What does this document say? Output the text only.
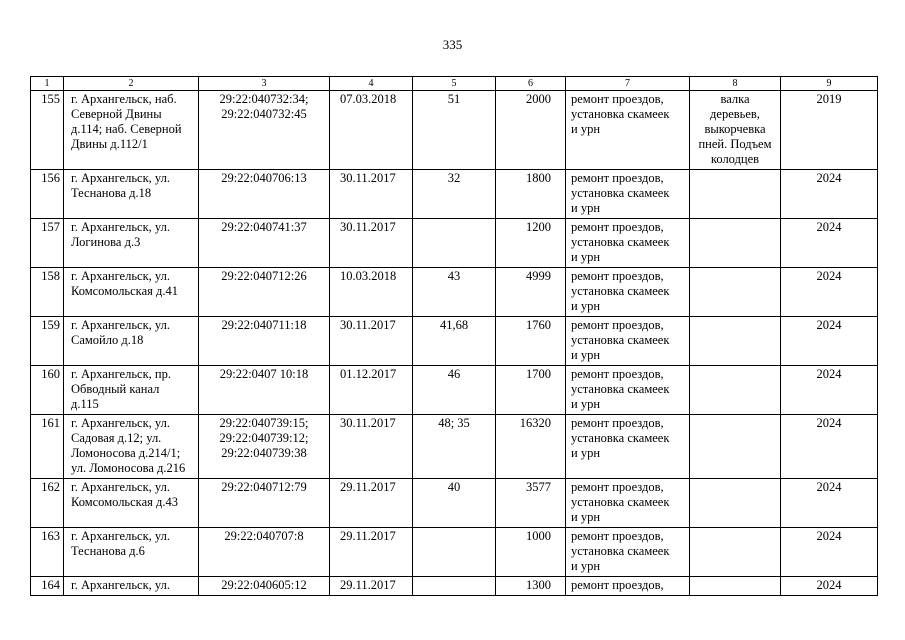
335
1	2	3	4	5	6	7	8	9
155	г. Архангельск, наб.
Северной Двины
д.114; наб. Северной
Двины д.112/1	29:22:040732:34;
29:22:040732:45	07.03.2018	51	2000	ремонт проездов,
установка скамеек
и урн	валка
деревьев,
выкорчевка
пней. Подъем
колодцев	2019
156	г. Архангельск, ул.
Теснанова д.18	29:22:040706:13	30.11.2017	32	1800	ремонт проездов,
установка скамеек
и урн		2024
157	г. Архангельск, ул.
Логинова д.3	29:22:040741:37	30.11.2017		1200	ремонт проездов,
установка скамеек
и урн		2024
158	г. Архангельск, ул.
Комсомольская д.41	29:22:040712:26	10.03.2018	43	4999	ремонт проездов,
установка скамеек
и урн		2024
159	г. Архангельск, ул.
Самойло д.18	29:22:040711:18	30.11.2017	41,68	1760	ремонт проездов,
установка скамеек
и урн		2024
160	г. Архангельск, пр.
Обводный канал
д.115	29:22:0407 10:18	01.12.2017	46	1700	ремонт проездов,
установка скамеек
и урн		2024
161	г. Архангельск, ул.
Садовая д.12; ул.
Ломоносова д.214/1;
ул. Ломоносова д.216	29:22:040739:15;
29:22:040739:12;
29:22:040739:38	30.11.2017	48; 35	16320	ремонт проездов,
установка скамеек
и урн		2024
162	г. Архангельск, ул.
Комсомольская д.43	29:22:040712:79	29.11.2017	40	3577	ремонт проездов,
установка скамеек
и урн		2024
163	г. Архангельск, ул.
Теснанова д.6	29:22:040707:8	29.11.2017		1000	ремонт проездов,
установка скамеек
и урн		2024
164	г. Архангельск, ул.	29:22:040605:12	29.11.2017		1300	ремонт проездов,		2024
